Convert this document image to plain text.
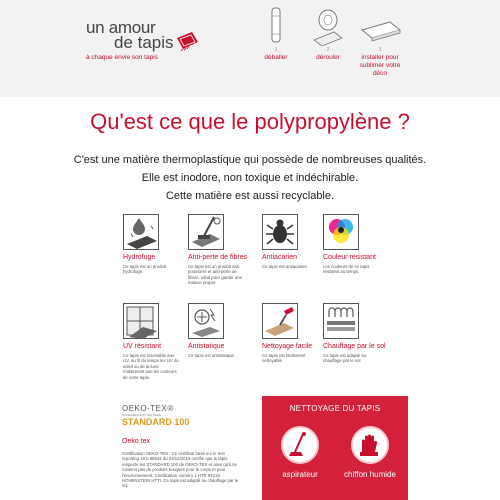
un amour
de tapis
à chaque envie son tapis
1
déballer
2
dérouler
3
installer pour sublimer votre déco
Qu'est ce que le polypropylène ?
C'est une matière thermoplastique qui possède de nombreuses qualités.
Elle est inodore, non toxique et indéchirable.
Cette matière est aussi recyclable.
Hydrofuge
Ce tapis est un produit hydrofuge.
Anti-perte de fibres
Ce tapis est un produit anti-poussière et anti-perte de fibres. Idéal pour garder une maison propre.
Antiacarien
Ce tapis est antiacarien.
Couleur resistant
Les couleurs de ce tapis résistent au temps.
UV résistant
Ce tapis est insensible aux UV, au fil du temps les UV du soleil ou de la lune n'altèreront pas les couleurs de votre tapis.
Antistatique
Ce tapis est antistatique.
Nettoyage facile
Ce tapis est facilement nettoyable
Chauffage par le sol
Ce tapis est adapté au chauffage par le sol
OEKO-TEX®
CONFIDENCE IN TEXTILES
STANDARD 100
Oeko tex
Certification OEKO-TEX : Ce certificat basé sur le test reporting 19.0.98532 du 04/12/2019 certifie que le tapis respecte les STANDARD 100 de OEKO-TEX et ainsi qu'il ne contient pas de produits toxiques pour le corps et pour l'environnement. Certification numéro 1 HTR 94219 HOHENSTEIN HTTI. Ce tapis est adapté au chauffage par le sol
NETTOYAGE DU TAPIS
aspirateur	chiffon humide
